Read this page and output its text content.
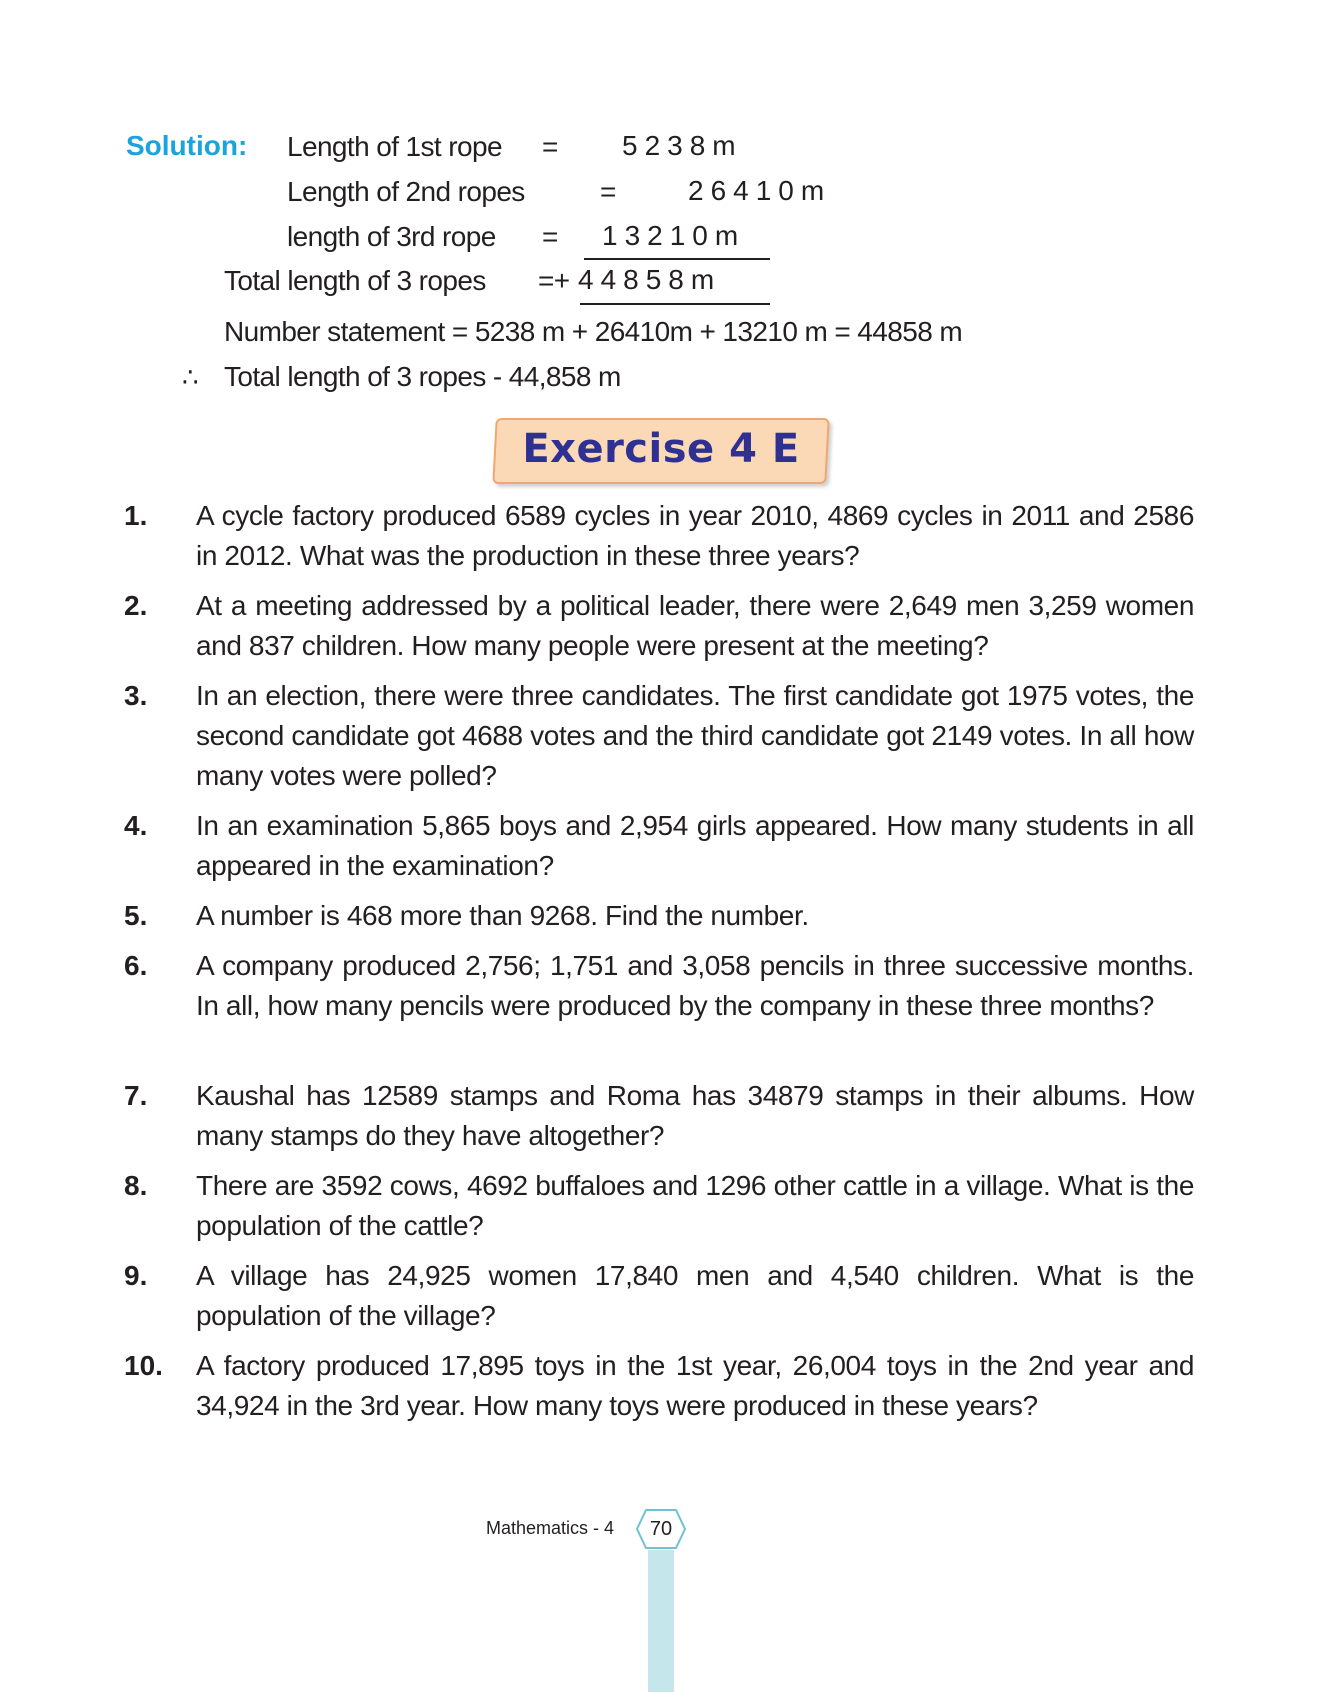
Solution: Length of 1st rope = 5238m
Length of 2nd ropes	=	26410m
length of 3rd rope = 13210m
Total length of 3 ropes =+ 44858m
Number statement = 5238 m + 26410m + 13210 m = 44858 m
∴ Total length of 3 ropes - 44,858 m
Exercise 4 E
1.	A cycle factory produced 6589 cycles in year 2010, 4869 cycles in 2011 and 2586 in 2012. What was the production in these three years?
2.	At a meeting addressed by a political leader, there were 2,649 men 3,259 women and 837 children. How many people were present at the meeting?
3.	In an election, there were three candidates. The first candidate got 1975 votes, the second candidate got 4688 votes and the third candidate got 2149 votes. In all how many votes were polled?
4.	In an examination 5,865 boys and 2,954 girls appeared. How many students in all appeared in the examination?
5.	A number is 468 more than 9268. Find the number.
6.	A company produced 2,756; 1,751 and 3,058 pencils in three successive months. In all, how many pencils were produced by the company in these three months?
7.	Kaushal has 12589 stamps and Roma has 34879 stamps in their albums. How many stamps do they have altogether?
8.	There are 3592 cows, 4692 buffaloes and 1296 other cattle in a village. What is the population of the cattle?
9.	A village has 24,925 women 17,840 men and 4,540 children. What is the population of the village?
10.	A factory produced 17,895 toys in the 1st year, 26,004 toys in the 2nd year and 34,924 in the 3rd year. How many toys were produced in these years?
Mathematics - 4	70
